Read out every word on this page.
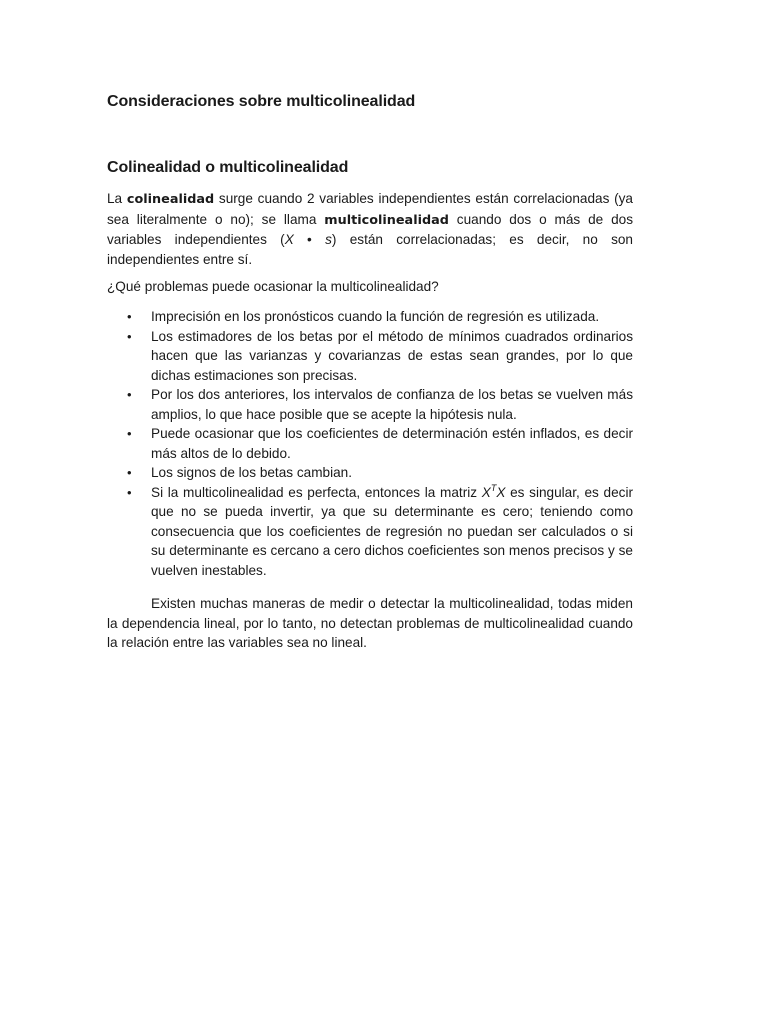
Consideraciones sobre multicolinealidad
Colinealidad o multicolinealidad

La colinealidad surge cuando 2 variables independientes están correlacionadas (ya sea literalmente o no); se llama multicolinealidad cuando dos o más de dos variables independientes (X • s) están correlacionadas; es decir, no son independientes entre sí.

¿Qué problemas puede ocasionar la multicolinealidad?

• Imprecisión en los pronósticos cuando la función de regresión es utilizada.
• Los estimadores de los betas por el método de mínimos cuadrados ordinarios hacen que las varianzas y covarianzas de estas sean grandes, por lo que dichas estimaciones son precisas.
• Por los dos anteriores, los intervalos de confianza de los betas se vuelven más amplios, lo que hace posible que se acepte la hipótesis nula.
• Puede ocasionar que los coeficientes de determinación estén inflados, es decir más altos de lo debido.
• Los signos de los betas cambian.
• Si la multicolinealidad es perfecta, entonces la matriz $X^TX$ es singular, es decir que no se pueda invertir, ya que su determinante es cero; teniendo como consecuencia que los coeficientes de regresión no puedan ser calculados o si su determinante es cercano a cero dichos coeficientes son menos precisos y se vuelven inestables.

Existen muchas maneras de medir o detectar la multicolinealidad, todas miden la dependencia lineal, por lo tanto, no detectan problemas de multicolinealidad cuando la relación entre las variables sea no lineal.
